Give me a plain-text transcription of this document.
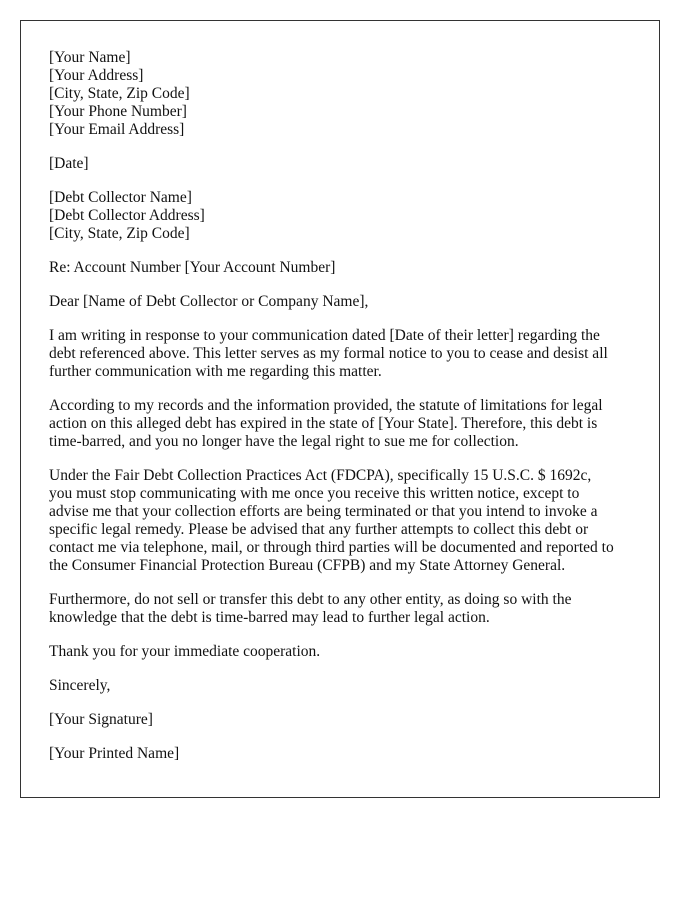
[Your Name]
[Your Address]
[City, State, Zip Code]
[Your Phone Number]
[Your Email Address]
[Date]
[Debt Collector Name]
[Debt Collector Address]
[City, State, Zip Code]

Re: Account Number [Your Account Number]

Dear [Name of Debt Collector or Company Name],

I am writing in response to your communication dated [Date of their letter] regarding the
debt referenced above. This letter serves as my formal notice to you to cease and desist all
further communication with me regarding this matter.

According to my records and the information provided, the statute of limitations for legal
action on this alleged debt has expired in the state of [Your State]. Therefore, this debt is
time-barred, and you no longer have the legal right to sue me for collection.

Under the Fair Debt Collection Practices Act (FDCPA), specifically 15 U.S.C. $ 1692c,
you must stop communicating with me once you receive this written notice, except to
advise me that your collection efforts are being terminated or that you intend to invoke a
specific legal remedy. Please be advised that any further attempts to collect this debt or
contact me via telephone, mail, or through third parties will be documented and reported to
the Consumer Financial Protection Bureau (CFPB) and my State Attorney General.

Furthermore, do not sell or transfer this debt to any other entity, as doing so with the
knowledge that the debt is time-barred may lead to further legal action.

Thank you for your immediate cooperation.

Sincerely,

[Your Signature]

[Your Printed Name]
